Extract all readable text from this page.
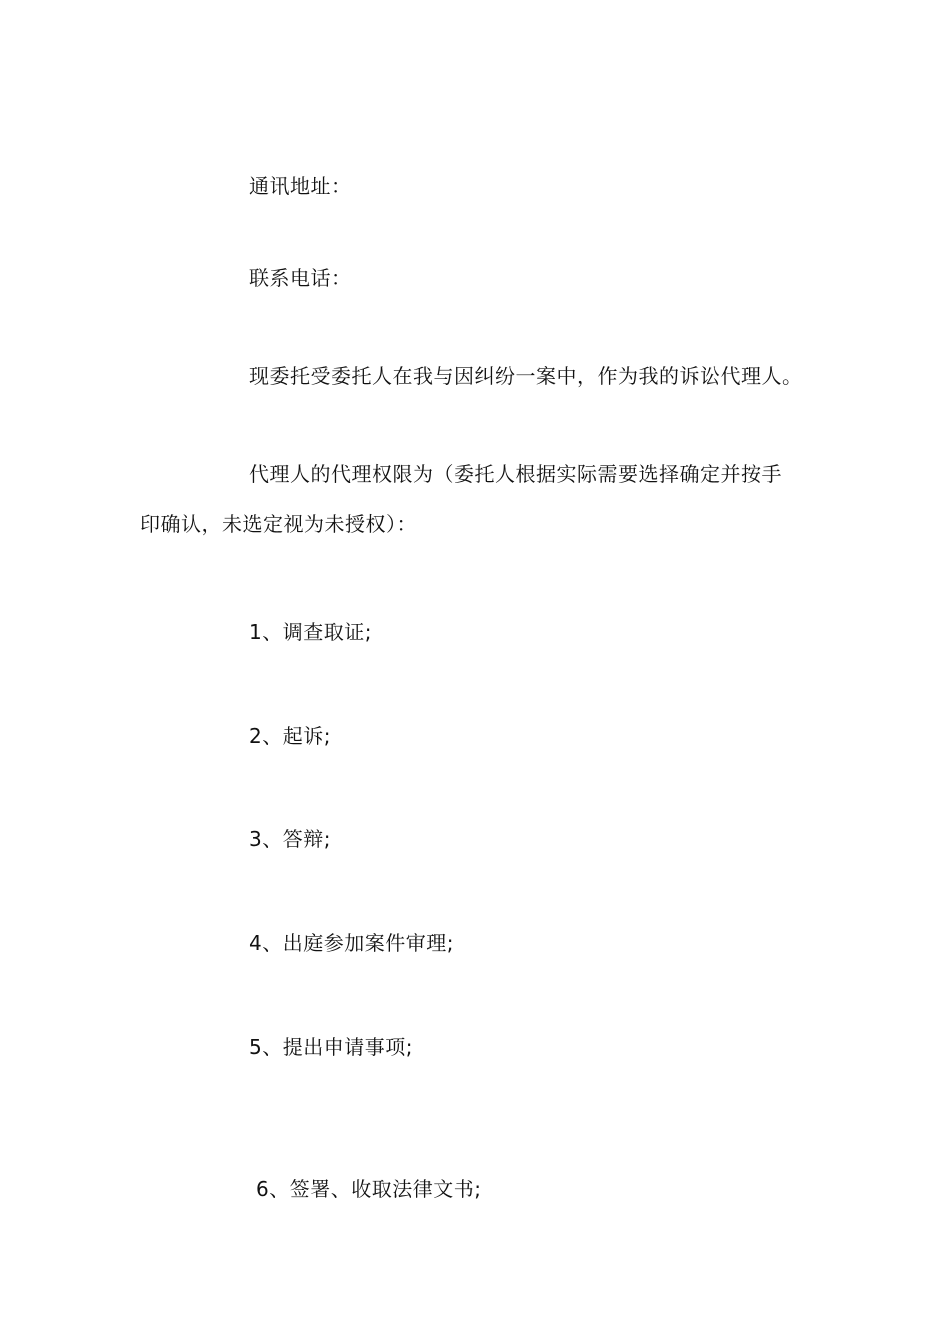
通讯地址：
联系电话：
现委托受委托人在我与因纠纷一案中，作为我的诉讼代理人。
代理人的代理权限为（委托人根据实际需要选择确定并按手
印确认，未选定视为未授权）：
1、调查取证;
2、起诉;
3、答辩;
4、出庭参加案件审理;
5、提出申请事项;
6、签署、收取法律文书;
